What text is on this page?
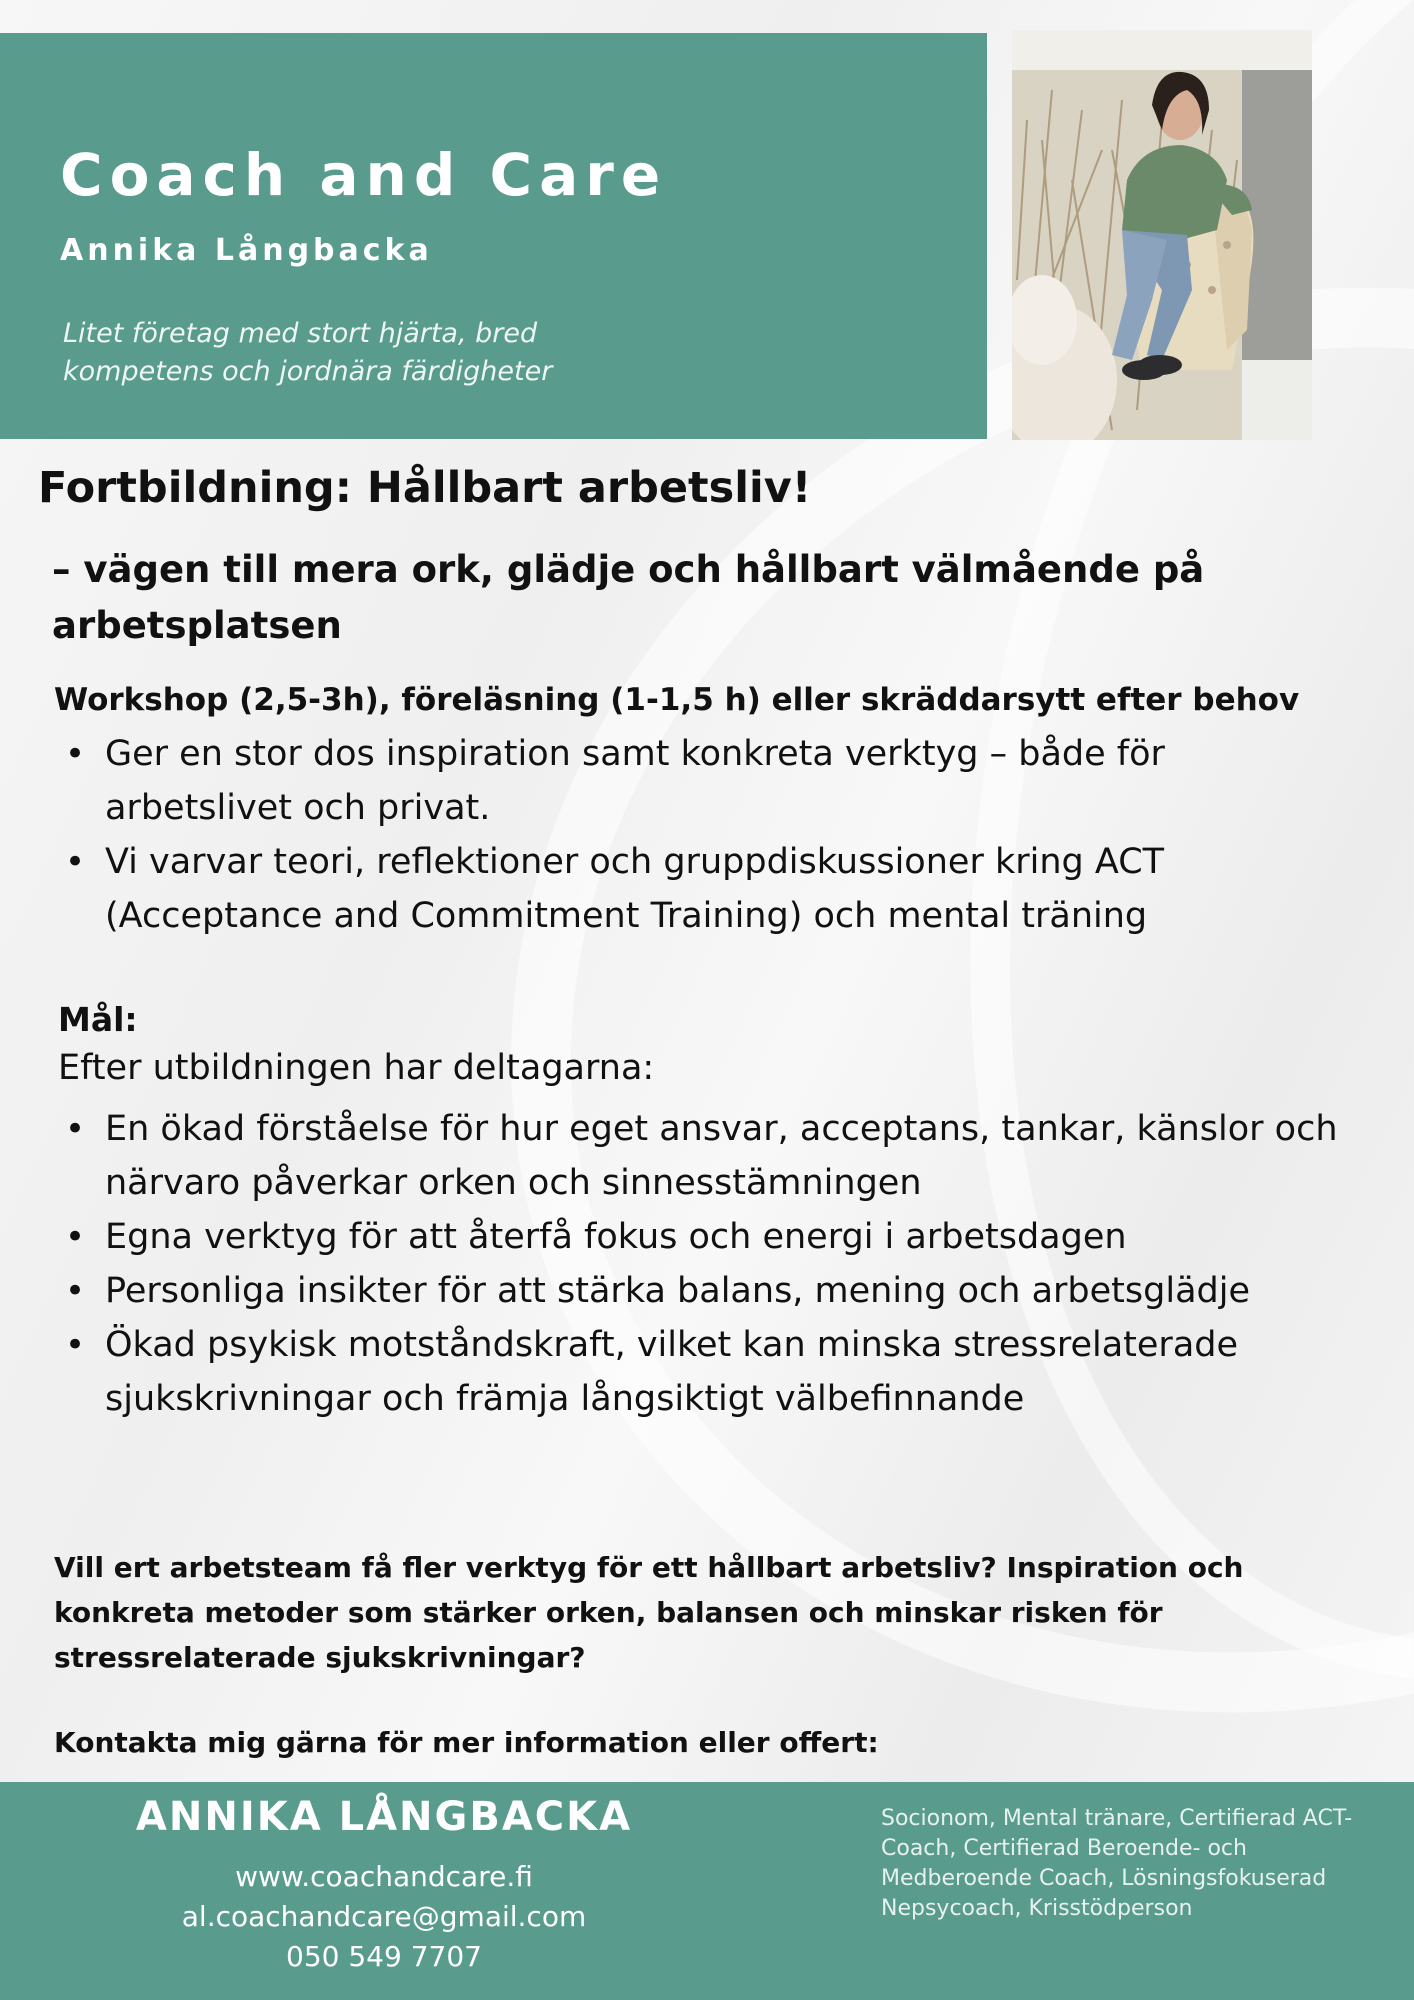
Coach and Care
Annika Långbacka
Litet företag med stort hjärta, bred kompetens och jordnära färdigheter
Fortbildning: Hållbart arbetsliv!
– vägen till mera ork, glädje och hållbart välmående på arbetsplatsen
Workshop (2,5-3h), föreläsning (1-1,5 h) eller skräddarsytt efter behov
• Ger en stor dos inspiration samt konkreta verktyg – både för arbetslivet och privat.
• Vi varvar teori, reflektioner och gruppdiskussioner kring ACT (Acceptance and Commitment Training) och mental träning
Mål:
Efter utbildningen har deltagarna:
• En ökad förståelse för hur eget ansvar, acceptans, tankar, känslor och närvaro påverkar orken och sinnesstämningen
• Egna verktyg för att återfå fokus och energi i arbetsdagen
• Personliga insikter för att stärka balans, mening och arbetsglädje
• Ökad psykisk motståndskraft, vilket kan minska stressrelaterade sjukskrivningar och främja långsiktigt välbefinnande
Vill ert arbetsteam få fler verktyg för ett hållbart arbetsliv? Inspiration och konkreta metoder som stärker orken, balansen och minskar risken för stressrelaterade sjukskrivningar?
Kontakta mig gärna för mer information eller offert:
ANNIKA LÅNGBACKA
www.coachandcare.fi
al.coachandcare@gmail.com
050 549 7707
Socionom, Mental tränare, Certifierad ACT- Coach, Certifierad Beroende- och Medberoende Coach, Lösningsfokuserad Nepsycoach, Krisstödperson
